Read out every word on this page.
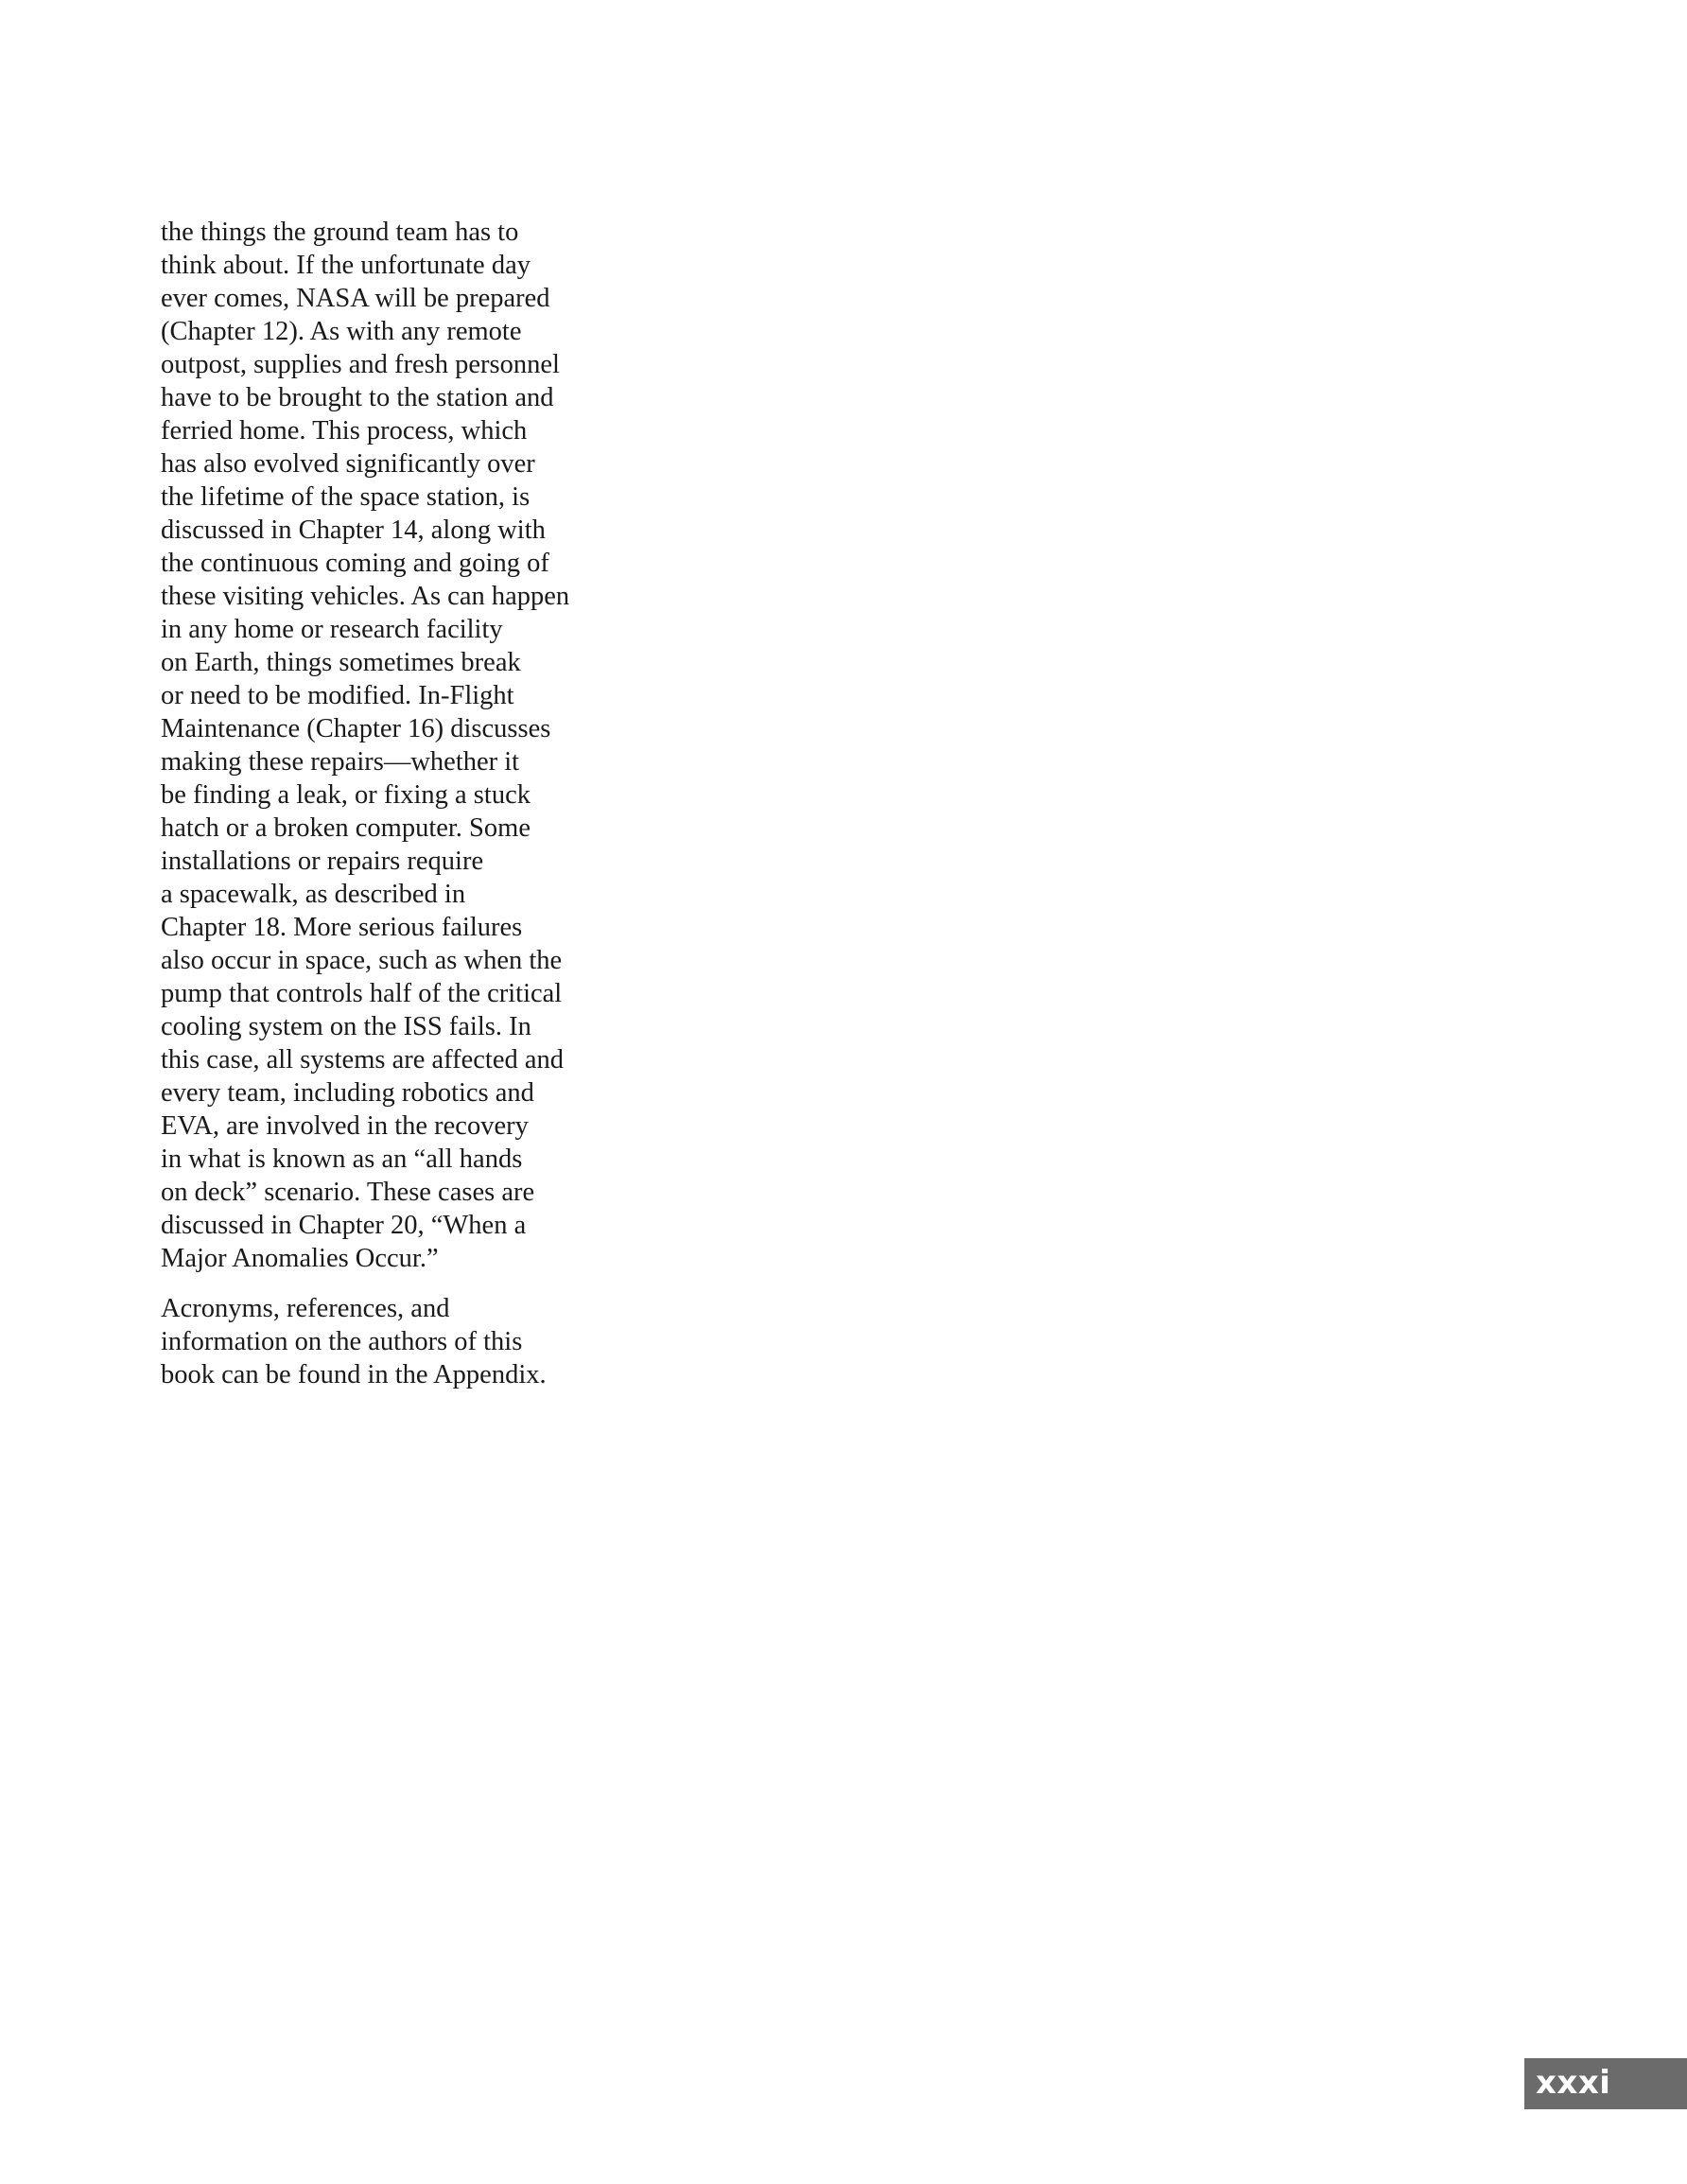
the things the ground team has to
think about. If the unfortunate day
ever comes, NASA will be prepared
(Chapter 12). As with any remote
outpost, supplies and fresh personnel
have to be brought to the station and
ferried home. This process, which
has also evolved significantly over
the lifetime of the space station, is
discussed in Chapter 14, along with
the continuous coming and going of
these visiting vehicles. As can happen
in any home or research facility
on Earth, things sometimes break
or need to be modified. In-Flight
Maintenance (Chapter 16) discusses
making these repairs—whether it
be finding a leak, or fixing a stuck
hatch or a broken computer. Some
installations or repairs require
a spacewalk, as described in
Chapter 18. More serious failures
also occur in space, such as when the
pump that controls half of the critical
cooling system on the ISS fails. In
this case, all systems are affected and
every team, including robotics and
EVA, are involved in the recovery
in what is known as an “all hands
on deck” scenario. These cases are
discussed in Chapter 20, “When a
Major Anomalies Occur.”

Acronyms, references, and
information on the authors of this
book can be found in the Appendix.

xxxi
